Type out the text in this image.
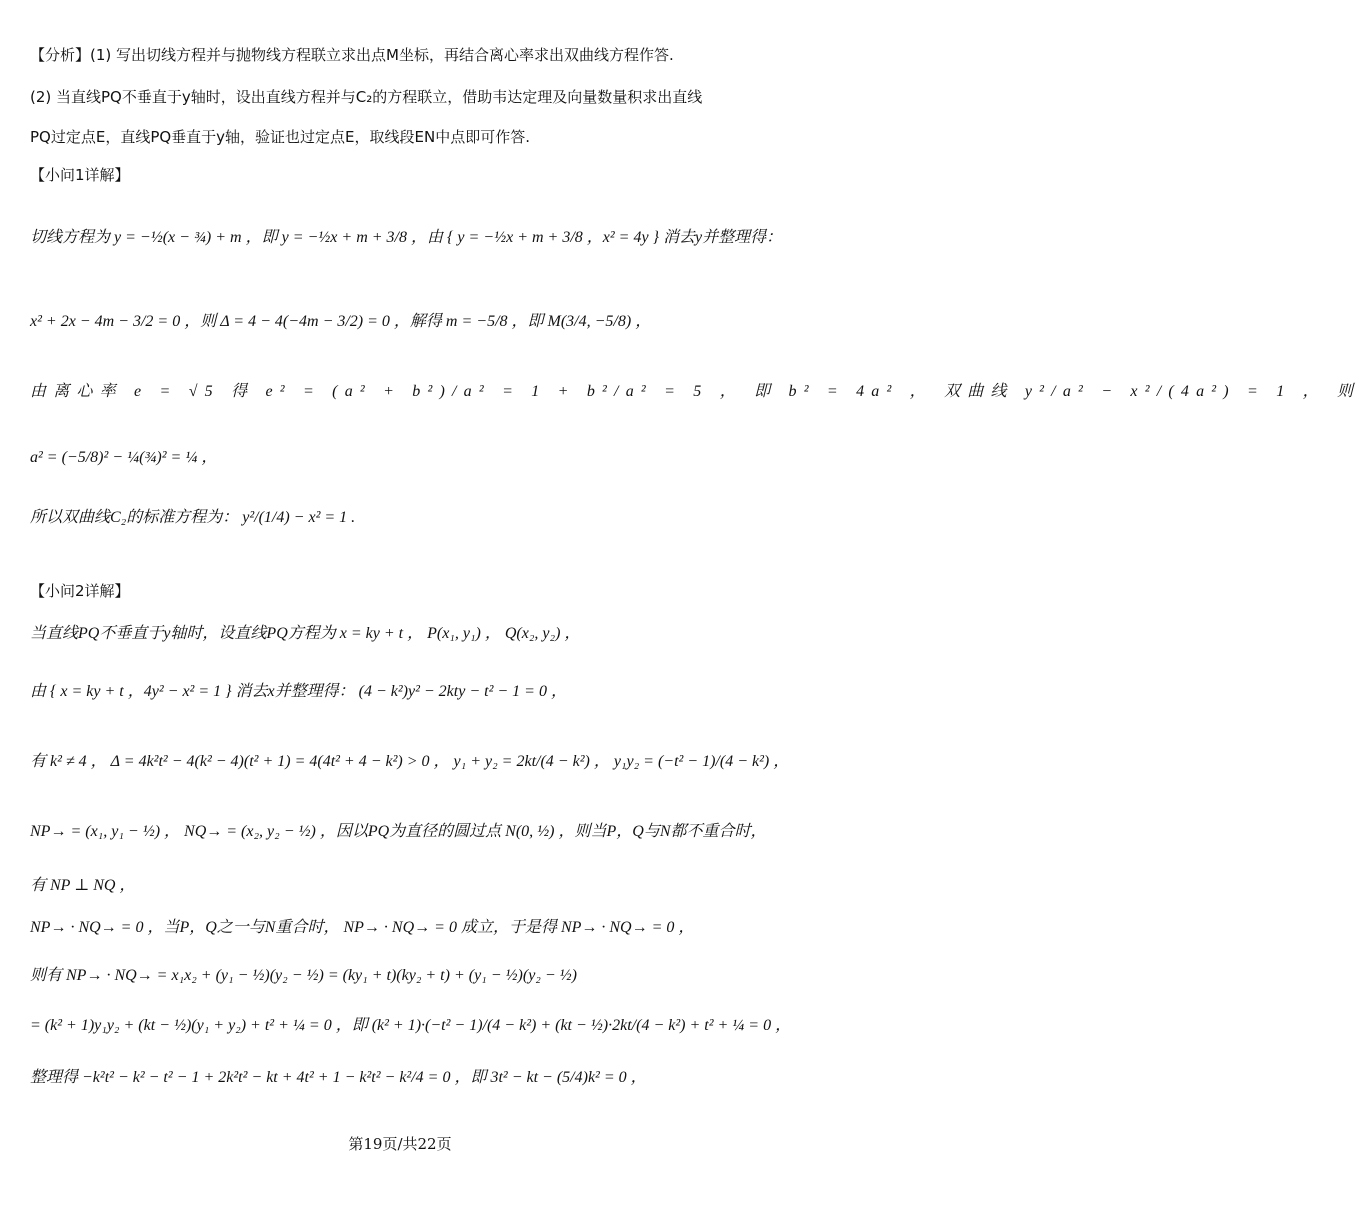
【分析】(1) 写出切线方程并与抛物线方程联立求出点M坐标，再结合离心率求出双曲线方程作答.
(2) 当直线PQ不垂直于y轴时，设出直线方程并与C₂的方程联立，借助韦达定理及向量数量积求出直线
PQ过定点E，直线PQ垂直于y轴，验证也过定点E，取线段EN中点即可作答.
【小问1详解】
切线方程为 y = −½(x − ¾) + m ，即 y = −½x + m + 3/8 ，由 { y = −½x + m + 3/8 ，x² = 4y } 消去y并整理得：
x² + 2x − 4m − 3/2 = 0 ，则 Δ = 4 − 4(−4m − 3/2) = 0 ，解得 m = −5/8 ，即 M(3/4, −5/8) ，
由离心率 e = √5 得 e² = (a² + b²)/a² = 1 + b²/a² = 5 ， 即 b² = 4a² ， 双曲线 y²/a² − x²/(4a²) = 1 ， 则
a² = (−5/8)² − ¼(¾)² = ¼ ，
所以双曲线C₂的标准方程为： y²/(1/4) − x² = 1 .
【小问2详解】
当直线PQ不垂直于y轴时，设直线PQ方程为 x = ky + t ， P(x₁, y₁) ， Q(x₂, y₂) ，
由 { x = ky + t ，4y² − x² = 1 } 消去x并整理得： (4 − k²)y² − 2kty − t² − 1 = 0 ，
有 k² ≠ 4 ， Δ = 4k²t² − 4(k² − 4)(t² + 1) = 4(4t² + 4 − k²) > 0 ， y₁ + y₂ = 2kt/(4 − k²) ， y₁y₂ = (−t² − 1)/(4 − k²) ，
NP→ = (x₁, y₁ − ½) ， NQ→ = (x₂, y₂ − ½) ，因以PQ为直径的圆过点 N(0, ½) ，则当P，Q与N都不重合时，
有 NP ⊥ NQ ，
NP→ · NQ→ = 0 ，当P，Q之一与N重合时， NP→ · NQ→ = 0 成立，于是得 NP→ · NQ→ = 0 ，
则有 NP→ · NQ→ = x₁x₂ + (y₁ − ½)(y₂ − ½) = (ky₁ + t)(ky₂ + t) + (y₁ − ½)(y₂ − ½)
= (k² + 1)y₁y₂ + (kt − ½)(y₁ + y₂) + t² + ¼ = 0 ，即 (k² + 1)·(−t² − 1)/(4 − k²) + (kt − ½)·2kt/(4 − k²) + t² + ¼ = 0 ，
整理得 −k²t² − k² − t² − 1 + 2k²t² − kt + 4t² + 1 − k²t² − k²/4 = 0 ，即 3t² − kt − (5/4)k² = 0 ，
第19页/共22页
